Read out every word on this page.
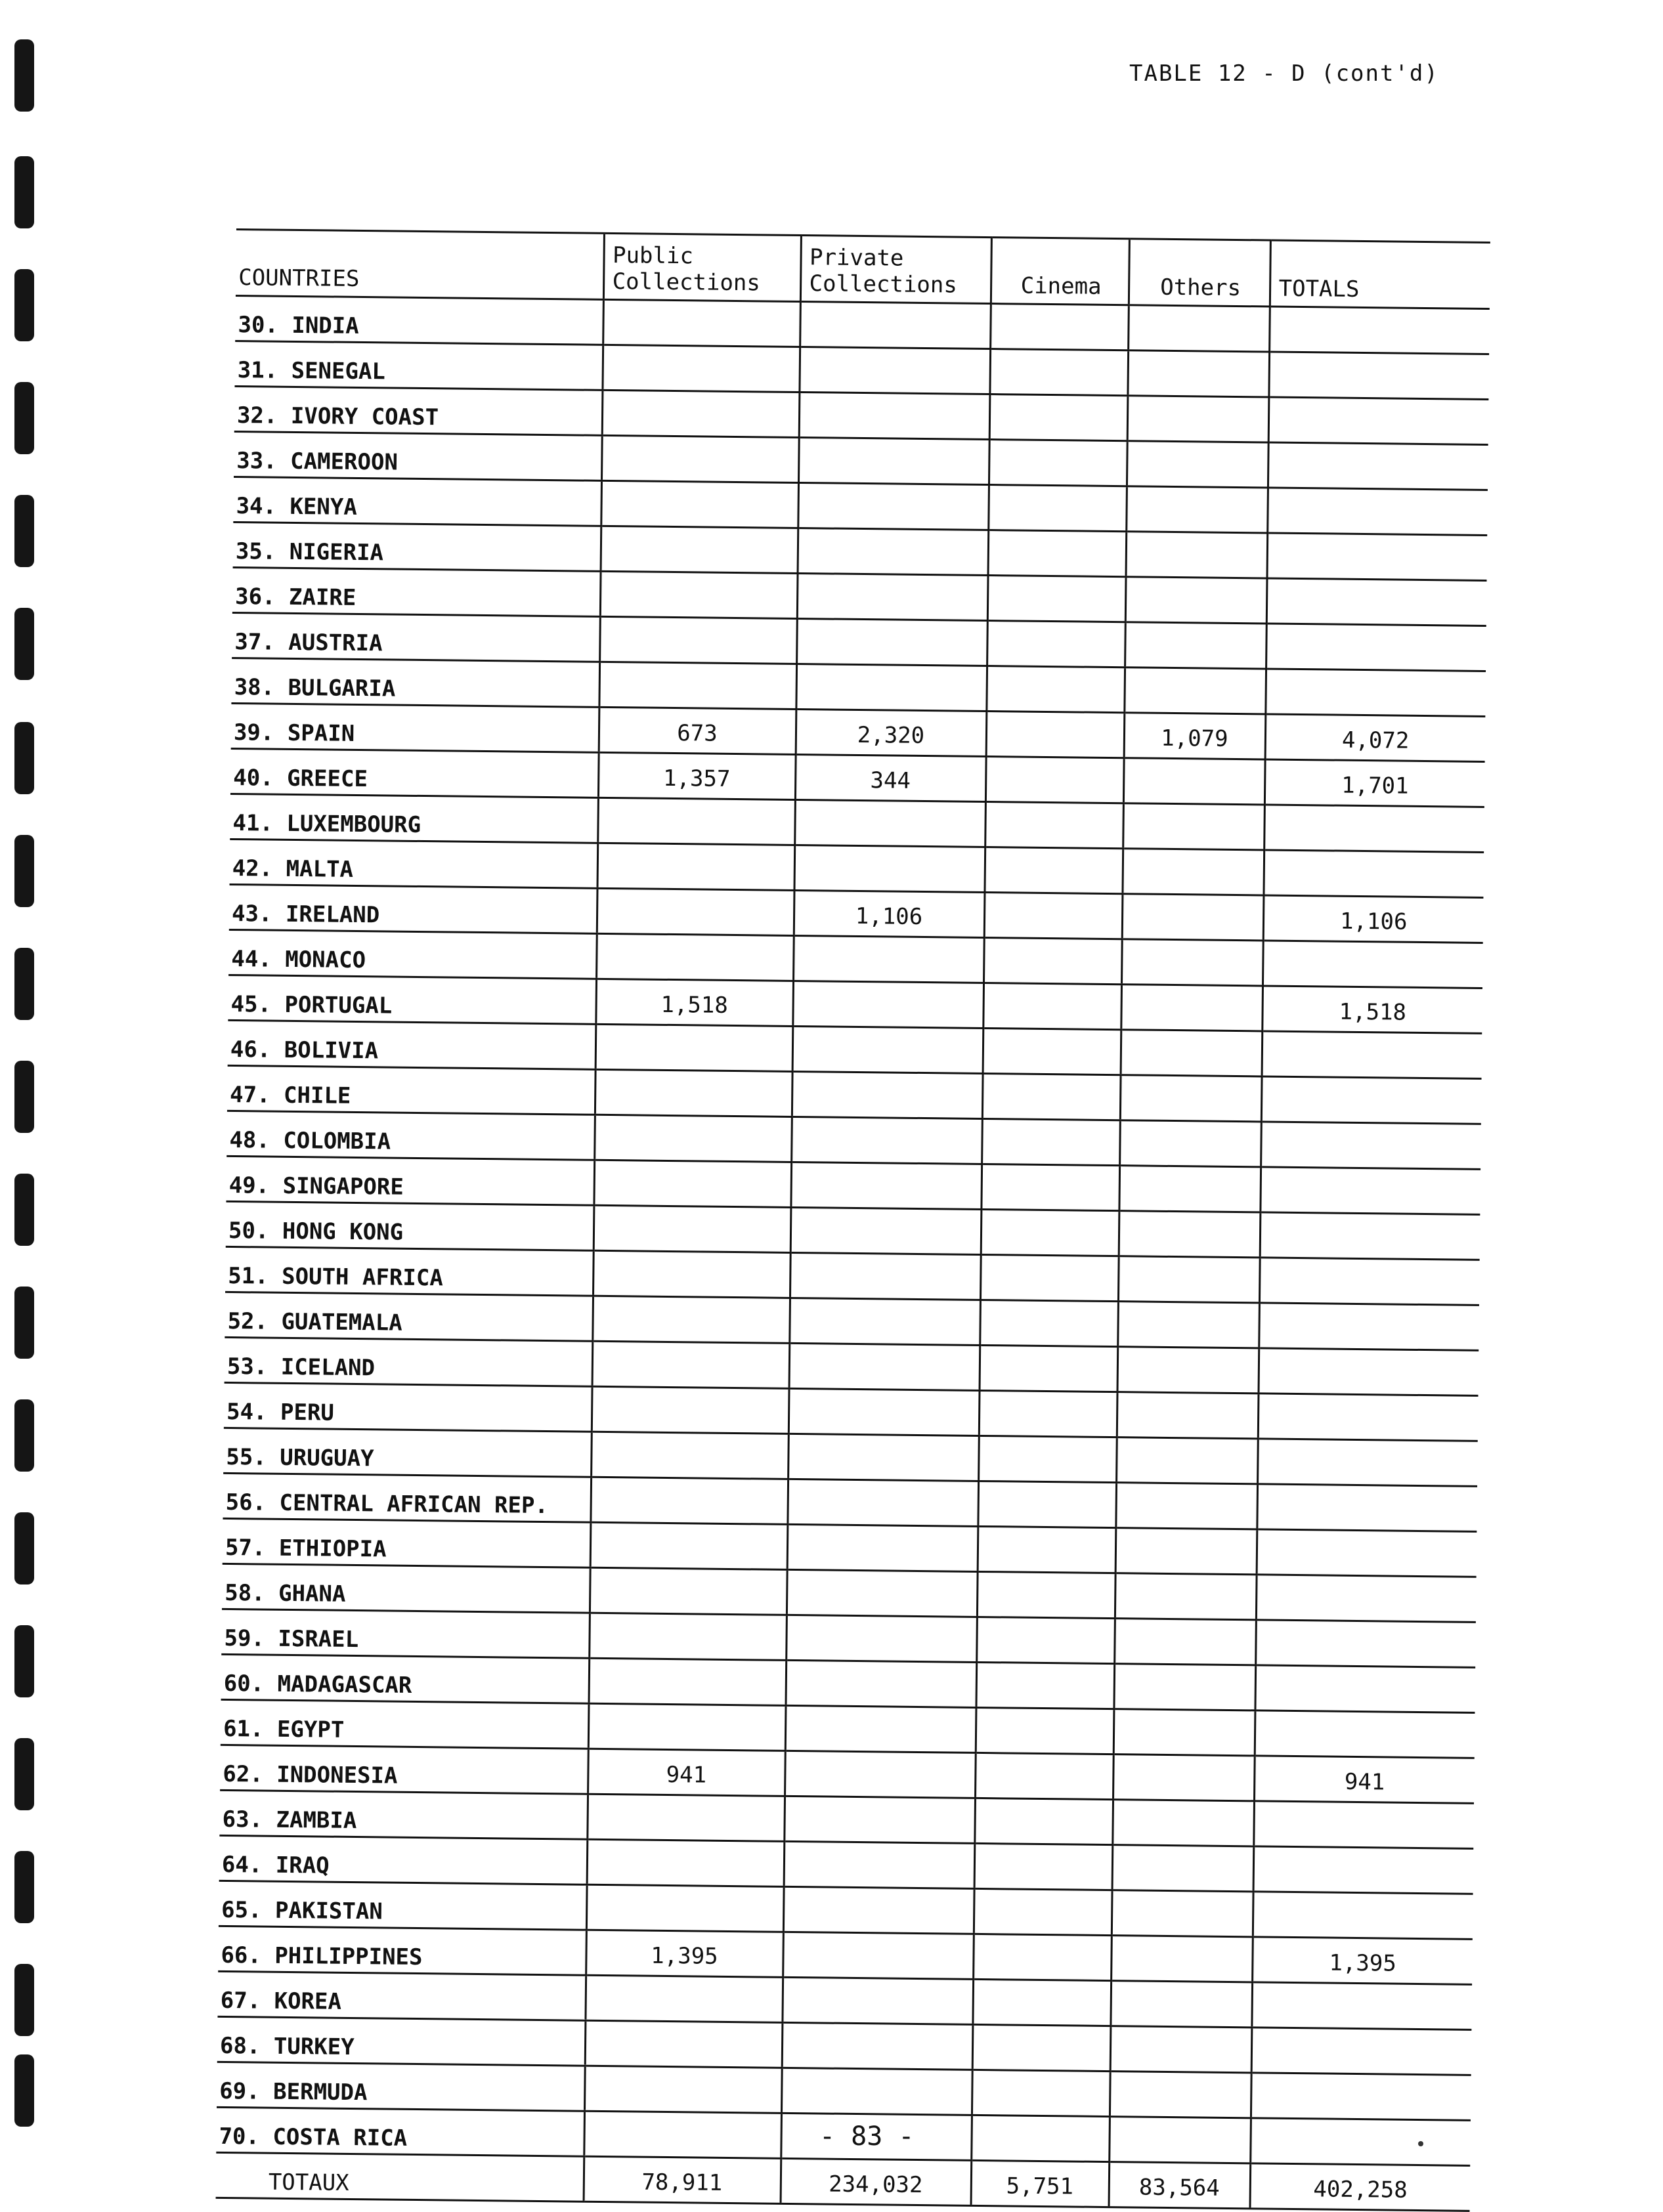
TABLE 12 - D (cont'd)
COUNTRIES	Public Collections	Private Collections	Cinema	Others	TOTALS
30. INDIA					
31. SENEGAL					
32. IVORY COAST					
33. CAMEROON					
34. KENYA					
35. NIGERIA					
36. ZAIRE					
37. AUSTRIA					
38. BULGARIA					
39. SPAIN	673	2,320		1,079	4,072
40. GREECE	1,357	344			1,701
41. LUXEMBOURG					
42. MALTA					
43. IRELAND		1,106			1,106
44. MONACO					
45. PORTUGAL	1,518				1,518
46. BOLIVIA					
47. CHILE					
48. COLOMBIA					
49. SINGAPORE					
50. HONG KONG					
51. SOUTH AFRICA					
52. GUATEMALA					
53. ICELAND					
54. PERU					
55. URUGUAY					
56. CENTRAL AFRICAN REP.					
57. ETHIOPIA					
58. GHANA					
59. ISRAEL					
60. MADAGASCAR					
61. EGYPT					
62. INDONESIA	941				941
63. ZAMBIA					
64. IRAQ					
65. PAKISTAN					
66. PHILIPPINES	1,395				1,395
67. KOREA					
68. TURKEY					
69. BERMUDA					
70. COSTA RICA					
TOTAUX	78,911	234,032	5,751	83,564	402,258
- 83 -
